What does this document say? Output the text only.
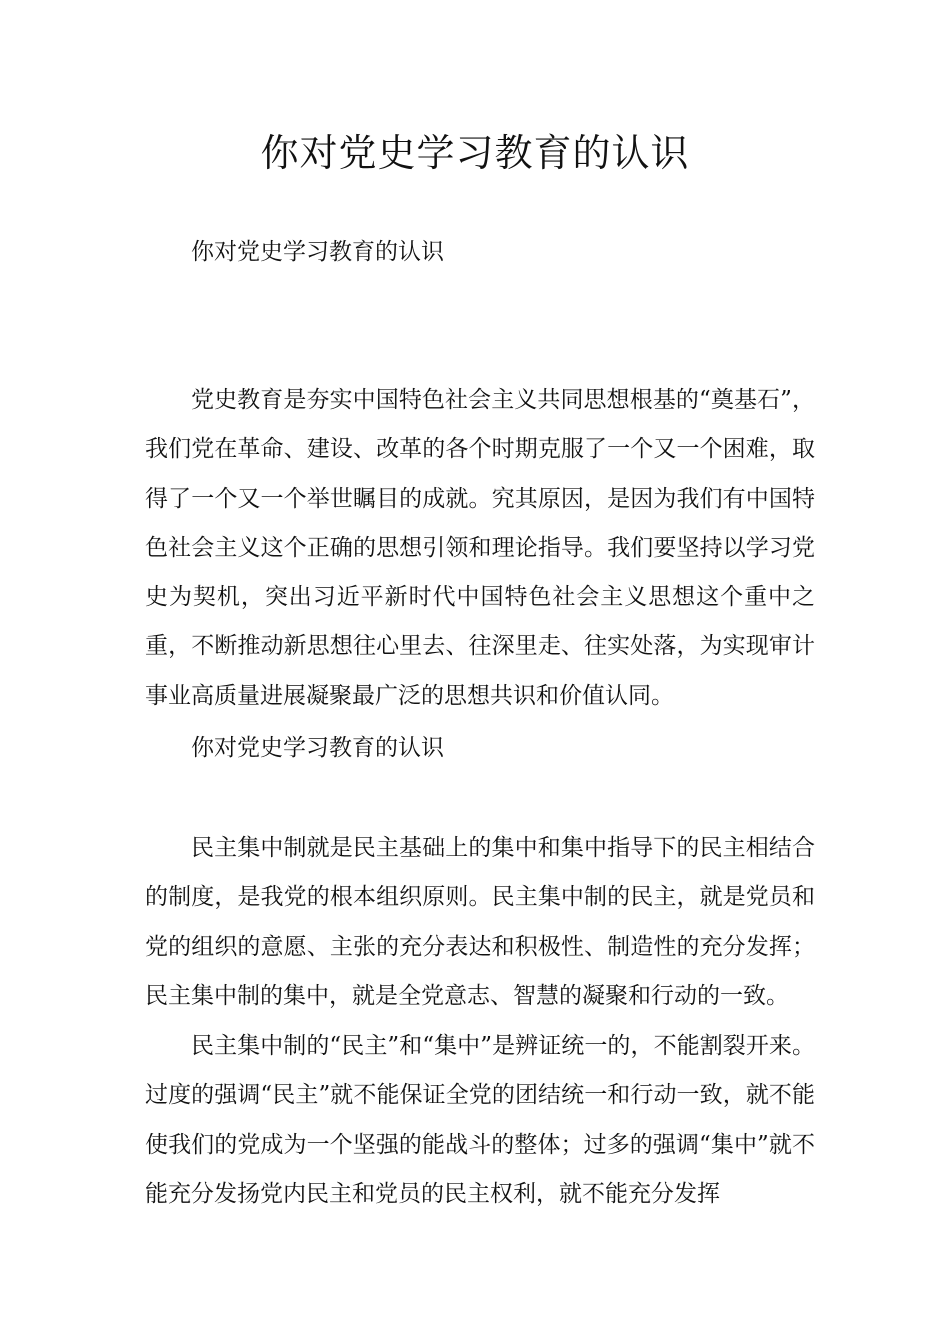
你对党史学习教育的认识
你对党史学习教育的认识

党史教育是夯实中国特色社会主义共同思想根基的“奠基石”，我们党在革命、建设、改革的各个时期克服了一个又一个困难，取得了一个又一个举世瞩目的成就。究其原因，是因为我们有中国特色社会主义这个正确的思想引领和理论指导。我们要坚持以学习党史为契机，突出习近平新时代中国特色社会主义思想这个重中之重，不断推动新思想往心里去、往深里走、往实处落，为实现审计事业高质量进展凝聚最广泛的思想共识和价值认同。

你对党史学习教育的认识

民主集中制就是民主基础上的集中和集中指导下的民主相结合的制度，是我党的根本组织原则。民主集中制的民主，就是党员和党的组织的意愿、主张的充分表达和积极性、制造性的充分发挥；民主集中制的集中，就是全党意志、智慧的凝聚和行动的一致。

民主集中制的“民主”和“集中”是辨证统一的，不能割裂开来。过度的强调“民主”就不能保证全党的团结统一和行动一致，就不能使我们的党成为一个坚强的能战斗的整体；过多的强调“集中”就不能充分发扬党内民主和党员的民主权利，就不能充分发挥
